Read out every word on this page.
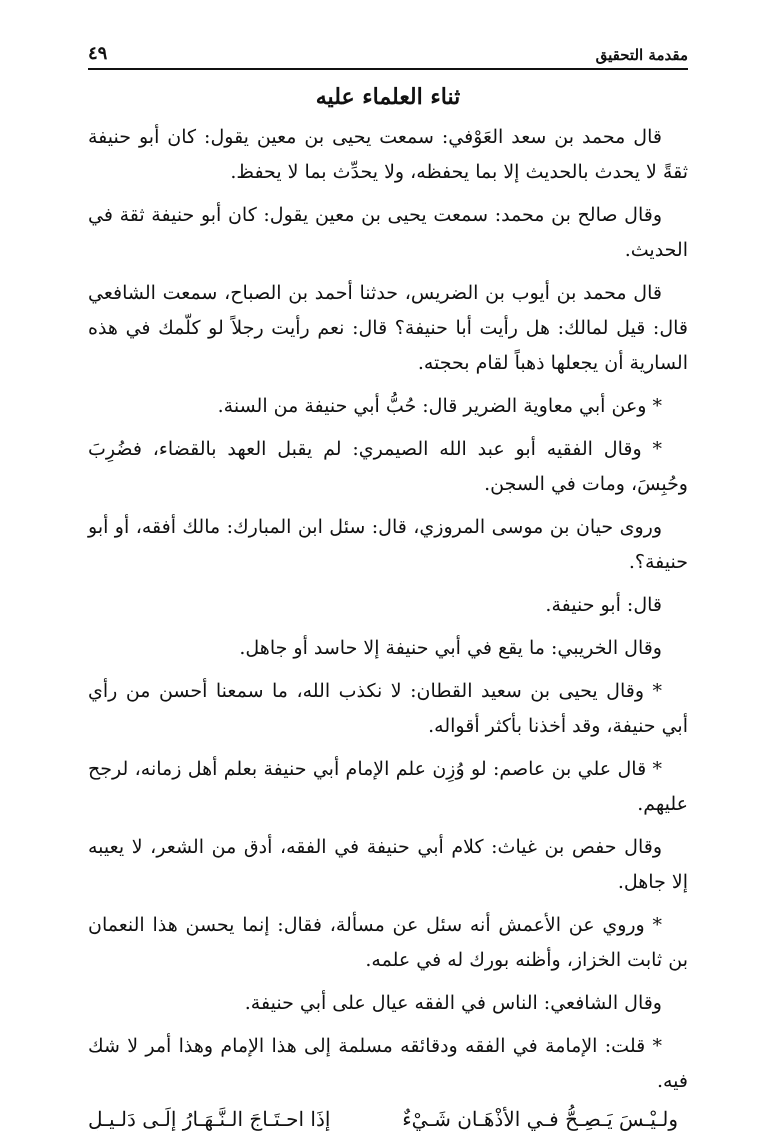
مقدمة التحقيق
٤٩
ثناء العلماء عليه

قال محمد بن سعد العَوْفي: سمعت يحيى بن معين يقول: كان أبو حنيفة ثقةً لا يحدث بالحديث إلا بما يحفظه، ولا يحدِّث بما لا يحفظ.

وقال صالح بن محمد: سمعت يحيى بن معين يقول: كان أبو حنيفة ثقة في الحديث.

قال محمد بن أيوب بن الضريس، حدثنا أحمد بن الصباح، سمعت الشافعي قال: قيل لمالك: هل رأيت أبا حنيفة؟ قال: نعم رأيت رجلاً لو كلّمك في هذه السارية أن يجعلها ذهباً لقام بحجته.

* وعن أبي معاوية الضرير قال: حُبُّ أبي حنيفة من السنة.

* وقال الفقيه أبو عبد الله الصيمري: لم يقبل العهد بالقضاء، فضُرِبَ وحُبِسَ، ومات في السجن.

وروى حيان بن موسى المروزي، قال: سئل ابن المبارك: مالك أفقه، أو أبو حنيفة؟.

قال: أبو حنيفة.

وقال الخريبي: ما يقع في أبي حنيفة إلا حاسد أو جاهل.

* وقال يحيى بن سعيد القطان: لا نكذب الله، ما سمعنا أحسن من رأي أبي حنيفة، وقد أخذنا بأكثر أقواله.

* قال علي بن عاصم: لو وُزِن علم الإمام أبي حنيفة بعلم أهل زمانه، لرجح عليهم.

وقال حفص بن غياث: كلام أبي حنيفة في الفقه، أدق من الشعر، لا يعيبه إلا جاهل.

* وروي عن الأعمش أنه سئل عن مسألة، فقال: إنما يحسن هذا النعمان بن ثابت الخزاز، وأظنه بورك له في علمه.

وقال الشافعي: الناس في الفقه عيال على أبي حنيفة.

* قلت: الإمامة في الفقه ودقائقه مسلمة إلى هذا الإمام وهذا أمر لا شك فيه.

ولـيْـسَ يَـصِـحُّ فـي الأذْهَـانِ شَـيْءٌ
إذَا احـتَـاجَ الـنَّـهَـارُ إلَـى دَلـيـلِ
